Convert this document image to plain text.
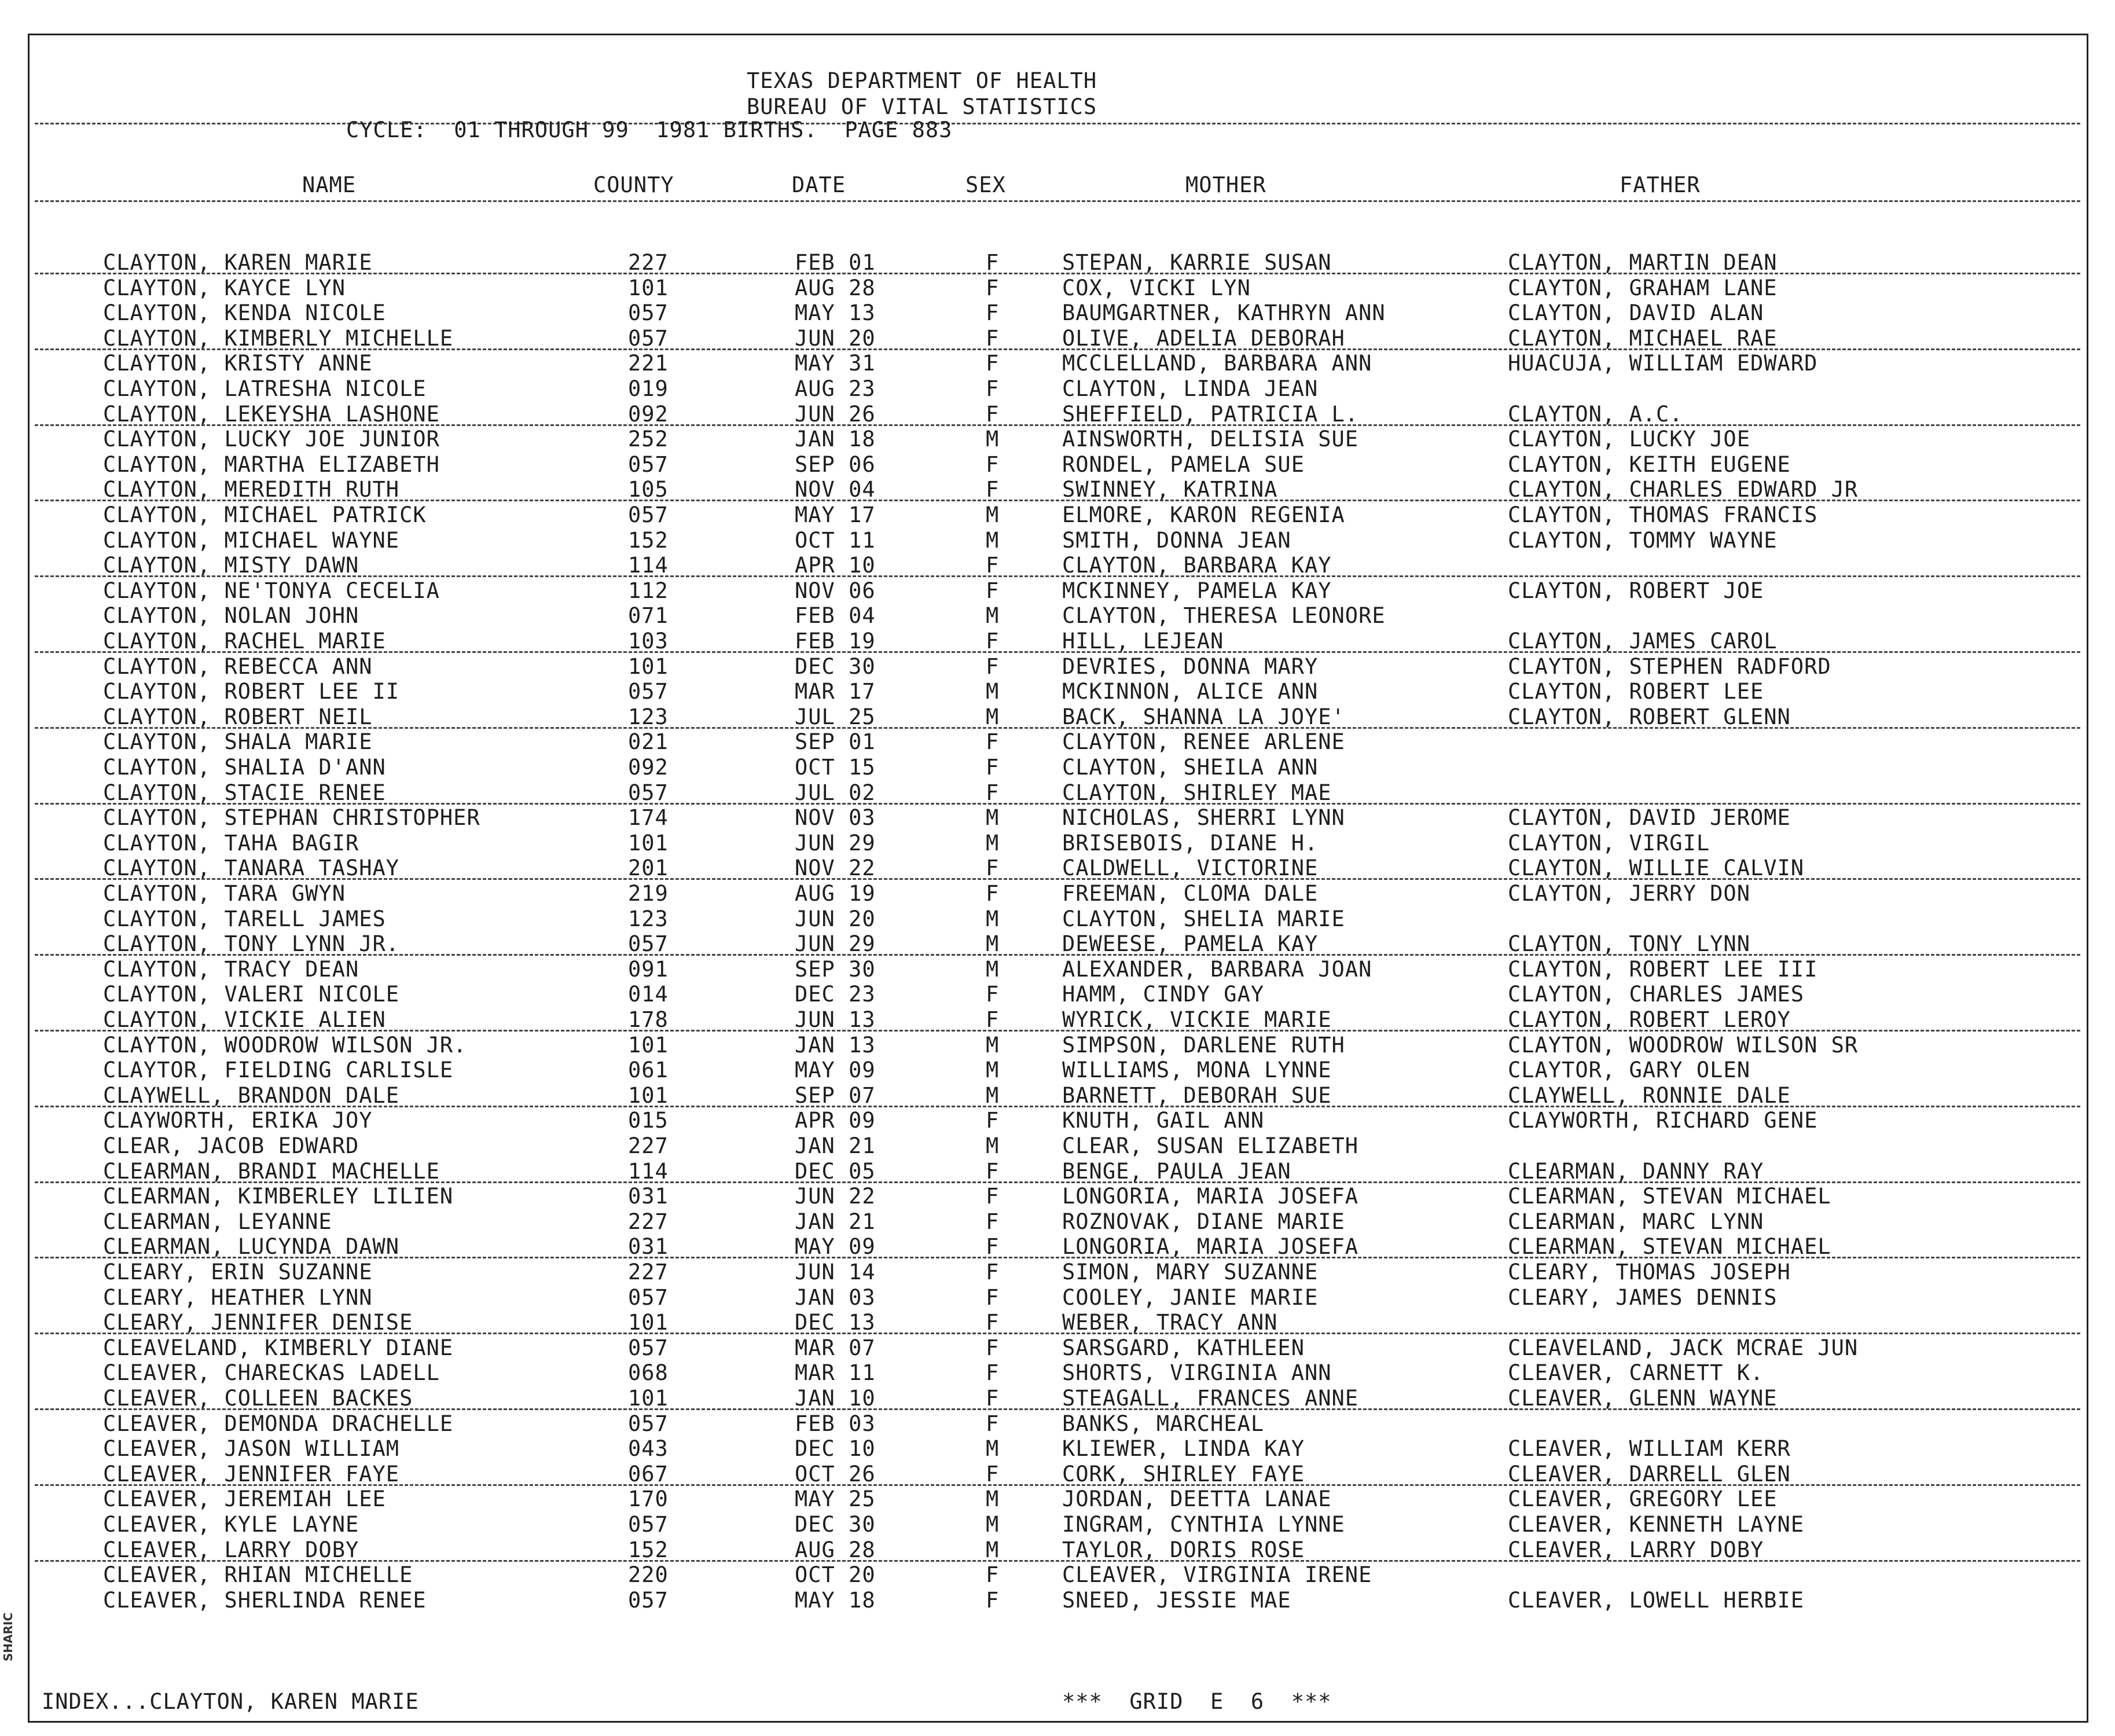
SHARIC
TEXAS DEPARTMENT OF HEALTH
BUREAU OF VITAL STATISTICS
CYCLE:  01 THROUGH 99  1981 BIRTHS.  PAGE 883
NAME	COUNTY	DATE	SEX	MOTHER	FATHER
CLAYTON, KAREN MARIE	227	FEB 01	F	STEPAN, KARRIE SUSAN	CLAYTON, MARTIN DEAN
CLAYTON, KAYCE LYN	101	AUG 28	F	COX, VICKI LYN	CLAYTON, GRAHAM LANE
CLAYTON, KENDA NICOLE	057	MAY 13	F	BAUMGARTNER, KATHRYN ANN	CLAYTON, DAVID ALAN
CLAYTON, KIMBERLY MICHELLE	057	JUN 20	F	OLIVE, ADELIA DEBORAH	CLAYTON, MICHAEL RAE
CLAYTON, KRISTY ANNE	221	MAY 31	F	MCCLELLAND, BARBARA ANN	HUACUJA, WILLIAM EDWARD
CLAYTON, LATRESHA NICOLE	019	AUG 23	F	CLAYTON, LINDA JEAN
CLAYTON, LEKEYSHA LASHONE	092	JUN 26	F	SHEFFIELD, PATRICIA L.	CLAYTON, A.C.
CLAYTON, LUCKY JOE JUNIOR	252	JAN 18	M	AINSWORTH, DELISIA SUE	CLAYTON, LUCKY JOE
CLAYTON, MARTHA ELIZABETH	057	SEP 06	F	RONDEL, PAMELA SUE	CLAYTON, KEITH EUGENE
CLAYTON, MEREDITH RUTH	105	NOV 04	F	SWINNEY, KATRINA	CLAYTON, CHARLES EDWARD JR
CLAYTON, MICHAEL PATRICK	057	MAY 17	M	ELMORE, KARON REGENIA	CLAYTON, THOMAS FRANCIS
CLAYTON, MICHAEL WAYNE	152	OCT 11	M	SMITH, DONNA JEAN	CLAYTON, TOMMY WAYNE
CLAYTON, MISTY DAWN	114	APR 10	F	CLAYTON, BARBARA KAY
CLAYTON, NE'TONYA CECELIA	112	NOV 06	F	MCKINNEY, PAMELA KAY	CLAYTON, ROBERT JOE
CLAYTON, NOLAN JOHN	071	FEB 04	M	CLAYTON, THERESA LEONORE
CLAYTON, RACHEL MARIE	103	FEB 19	F	HILL, LEJEAN	CLAYTON, JAMES CAROL
CLAYTON, REBECCA ANN	101	DEC 30	F	DEVRIES, DONNA MARY	CLAYTON, STEPHEN RADFORD
CLAYTON, ROBERT LEE II	057	MAR 17	M	MCKINNON, ALICE ANN	CLAYTON, ROBERT LEE
CLAYTON, ROBERT NEIL	123	JUL 25	M	BACK, SHANNA LA JOYE'	CLAYTON, ROBERT GLENN
CLAYTON, SHALA MARIE	021	SEP 01	F	CLAYTON, RENEE ARLENE
CLAYTON, SHALIA D'ANN	092	OCT 15	F	CLAYTON, SHEILA ANN
CLAYTON, STACIE RENEE	057	JUL 02	F	CLAYTON, SHIRLEY MAE
CLAYTON, STEPHAN CHRISTOPHER	174	NOV 03	M	NICHOLAS, SHERRI LYNN	CLAYTON, DAVID JEROME
CLAYTON, TAHA BAGIR	101	JUN 29	M	BRISEBOIS, DIANE H.	CLAYTON, VIRGIL
CLAYTON, TANARA TASHAY	201	NOV 22	F	CALDWELL, VICTORINE	CLAYTON, WILLIE CALVIN
CLAYTON, TARA GWYN	219	AUG 19	F	FREEMAN, CLOMA DALE	CLAYTON, JERRY DON
CLAYTON, TARELL JAMES	123	JUN 20	M	CLAYTON, SHELIA MARIE
CLAYTON, TONY LYNN JR.	057	JUN 29	M	DEWEESE, PAMELA KAY	CLAYTON, TONY LYNN
CLAYTON, TRACY DEAN	091	SEP 30	M	ALEXANDER, BARBARA JOAN	CLAYTON, ROBERT LEE III
CLAYTON, VALERI NICOLE	014	DEC 23	F	HAMM, CINDY GAY	CLAYTON, CHARLES JAMES
CLAYTON, VICKIE ALIEN	178	JUN 13	F	WYRICK, VICKIE MARIE	CLAYTON, ROBERT LEROY
CLAYTON, WOODROW WILSON JR.	101	JAN 13	M	SIMPSON, DARLENE RUTH	CLAYTON, WOODROW WILSON SR
CLAYTOR, FIELDING CARLISLE	061	MAY 09	M	WILLIAMS, MONA LYNNE	CLAYTOR, GARY OLEN
CLAYWELL, BRANDON DALE	101	SEP 07	M	BARNETT, DEBORAH SUE	CLAYWELL, RONNIE DALE
CLAYWORTH, ERIKA JOY	015	APR 09	F	KNUTH, GAIL ANN	CLAYWORTH, RICHARD GENE
CLEAR, JACOB EDWARD	227	JAN 21	M	CLEAR, SUSAN ELIZABETH
CLEARMAN, BRANDI MACHELLE	114	DEC 05	F	BENGE, PAULA JEAN	CLEARMAN, DANNY RAY
CLEARMAN, KIMBERLEY LILIEN	031	JUN 22	F	LONGORIA, MARIA JOSEFA	CLEARMAN, STEVAN MICHAEL
CLEARMAN, LEYANNE	227	JAN 21	F	ROZNOVAK, DIANE MARIE	CLEARMAN, MARC LYNN
CLEARMAN, LUCYNDA DAWN	031	MAY 09	F	LONGORIA, MARIA JOSEFA	CLEARMAN, STEVAN MICHAEL
CLEARY, ERIN SUZANNE	227	JUN 14	F	SIMON, MARY SUZANNE	CLEARY, THOMAS JOSEPH
CLEARY, HEATHER LYNN	057	JAN 03	F	COOLEY, JANIE MARIE	CLEARY, JAMES DENNIS
CLEARY, JENNIFER DENISE	101	DEC 13	F	WEBER, TRACY ANN
CLEAVELAND, KIMBERLY DIANE	057	MAR 07	F	SARSGARD, KATHLEEN	CLEAVELAND, JACK MCRAE JUN
CLEAVER, CHARECKAS LADELL	068	MAR 11	F	SHORTS, VIRGINIA ANN	CLEAVER, CARNETT K.
CLEAVER, COLLEEN BACKES	101	JAN 10	F	STEAGALL, FRANCES ANNE	CLEAVER, GLENN WAYNE
CLEAVER, DEMONDA DRACHELLE	057	FEB 03	F	BANKS, MARCHEAL
CLEAVER, JASON WILLIAM	043	DEC 10	M	KLIEWER, LINDA KAY	CLEAVER, WILLIAM KERR
CLEAVER, JENNIFER FAYE	067	OCT 26	F	CORK, SHIRLEY FAYE	CLEAVER, DARRELL GLEN
CLEAVER, JEREMIAH LEE	170	MAY 25	M	JORDAN, DEETTA LANAE	CLEAVER, GREGORY LEE
CLEAVER, KYLE LAYNE	057	DEC 30	M	INGRAM, CYNTHIA LYNNE	CLEAVER, KENNETH LAYNE
CLEAVER, LARRY DOBY	152	AUG 28	M	TAYLOR, DORIS ROSE	CLEAVER, LARRY DOBY
CLEAVER, RHIAN MICHELLE	220	OCT 20	F	CLEAVER, VIRGINIA IRENE
CLEAVER, SHERLINDA RENEE	057	MAY 18	F	SNEED, JESSIE MAE	CLEAVER, LOWELL HERBIE
INDEX...CLAYTON, KAREN MARIE	***  GRID  E  6  ***
